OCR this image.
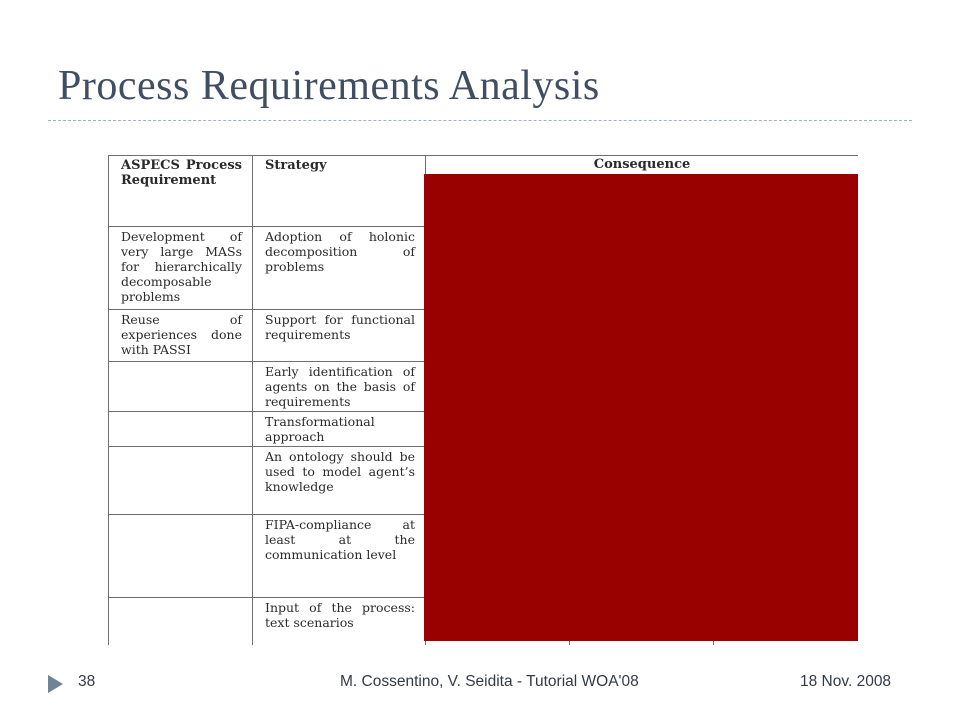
Process Requirements Analysis
ASPECS Process Requirement	Strategy	Consequence		

Development of very large MASs for hierarchically decomposable problems	Adoption of holonic decomposition of problems			
Reuse of experiences done with PASSI	Support for functional requirements			
	Early identification of agents on the basis of requirements			
	Transformational approach			
	An ontology should be used to model agent’s knowledge			
	FIPA-compliance at least at the communication level			
	Input of the process: text scenarios			

38	M. Cossentino, V. Seidita - Tutorial WOA'08	18 Nov. 2008
